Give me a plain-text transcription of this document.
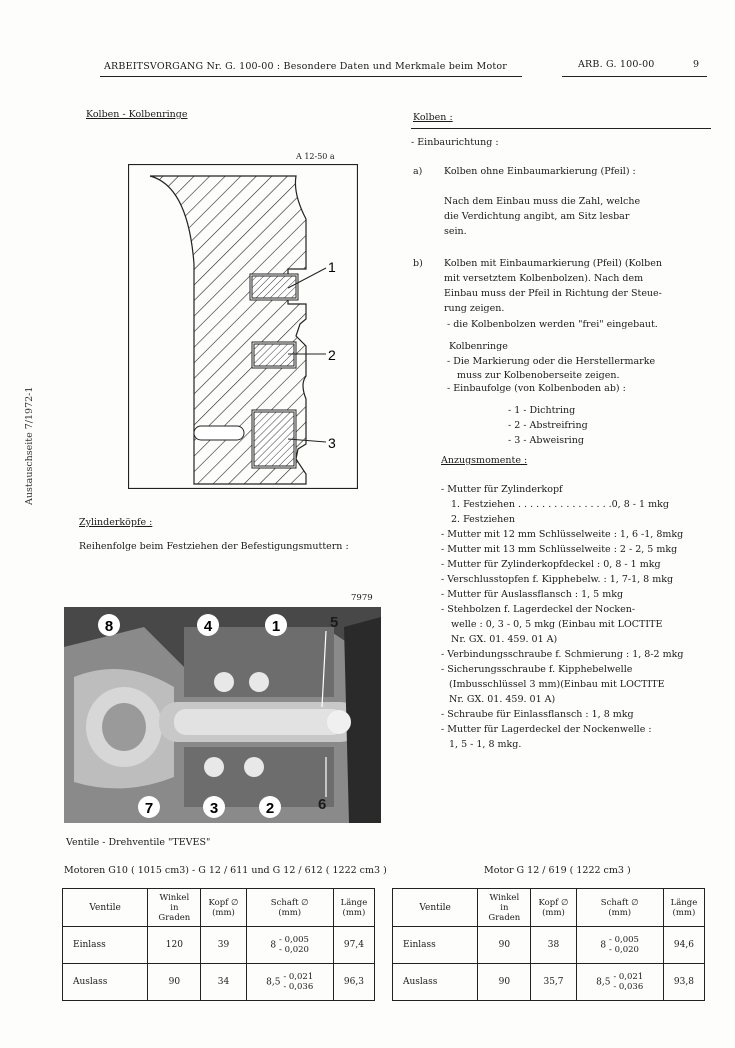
ARBEITSVORGANG Nr. G. 100-00 : Besondere Daten und Merkmale beim Motor	ARB. G. 100-00	9
Austauschseite 7/1972-1
Kolben - Kolbenringe
A 12-50 a
1
2
3
Zylinderköpfe :
Reihenfolge beim Festziehen der Befestigungsmuttern :
7979
4	1
8
7	3	2
5
6
Kolben :
- Einbaurichtung :
a) Kolben ohne Einbaumarkierung (Pfeil) :
Nach dem Einbau muss die Zahl, welche
die Verdichtung angibt, am Sitz lesbar
sein.
b) Kolben mit Einbaumarkierung (Pfeil) (Kolben
mit versetztem Kolbenbolzen). Nach dem
Einbau muss der Pfeil in Richtung der Steue-
rung zeigen.
- die Kolbenbolzen werden "frei" eingebaut.
Kolbenringe
- Die Markierung oder die Herstellermarke
muss zur Kolbenoberseite zeigen.
- Einbaufolge (von Kolbenboden ab) :
- 1 - Dichtring
- 2 - Abstreifring
- 3 - Abweisring
Anzugsmomente :
- Mutter für Zylinderkopf
1. Festziehen . . . . . . . . . . . . . . . .0, 8 - 1 mkg
2. Festziehen
- Mutter mit 12 mm Schlüsselweite : 1, 6 -1, 8mkg
- Mutter mit 13 mm Schlüsselweite : 2 - 2, 5 mkg
- Mutter für Zylinderkopfdeckel : 0, 8 - 1 mkg
- Verschlusstopfen f. Kipphebelw. : 1, 7-1, 8 mkg
- Mutter für Auslassflansch : 1, 5 mkg
- Stehbolzen f. Lagerdeckel der Nocken-
welle : 0, 3 - 0, 5 mkg (Einbau mit LOCTITE
Nr. GX. 01. 459. 01 A)
- Verbindungsschraube f. Schmierung : 1, 8-2 mkg
- Sicherungsschraube f. Kipphebelwelle
(Imbusschlüssel 3 mm)(Einbau mit LOCTITE
Nr. GX. 01. 459. 01 A)
- Schraube für Einlassflansch : 1, 8 mkg
- Mutter für Lagerdeckel der Nockenwelle :
1, 5 - 1, 8 mkg.
Ventile - Drehventile "TEVES"
Motoren G10 ( 1015 cm3) - G 12 / 611 und G 12 / 612 ( 1222 cm3 )	Motor G 12 / 619 ( 1222 cm3 )
Ventile	Winkel
in
Graden	Kopf ∅
(mm)	Schaft ∅
(mm)	Länge
(mm)
Einlass	120	39	8 - 0,005
- 0,020	97,4
Auslass	90	34	8,5 - 0,021
- 0,036	96,3
Ventile	Winkel
in
Graden	Kopf ∅
(mm)	Schaft ∅
(mm)	Länge
(mm)
Einlass	90	38	8 - 0,005
- 0,020	94,6
Auslass	90	35,7	8,5 - 0,021
- 0,036	93,8
